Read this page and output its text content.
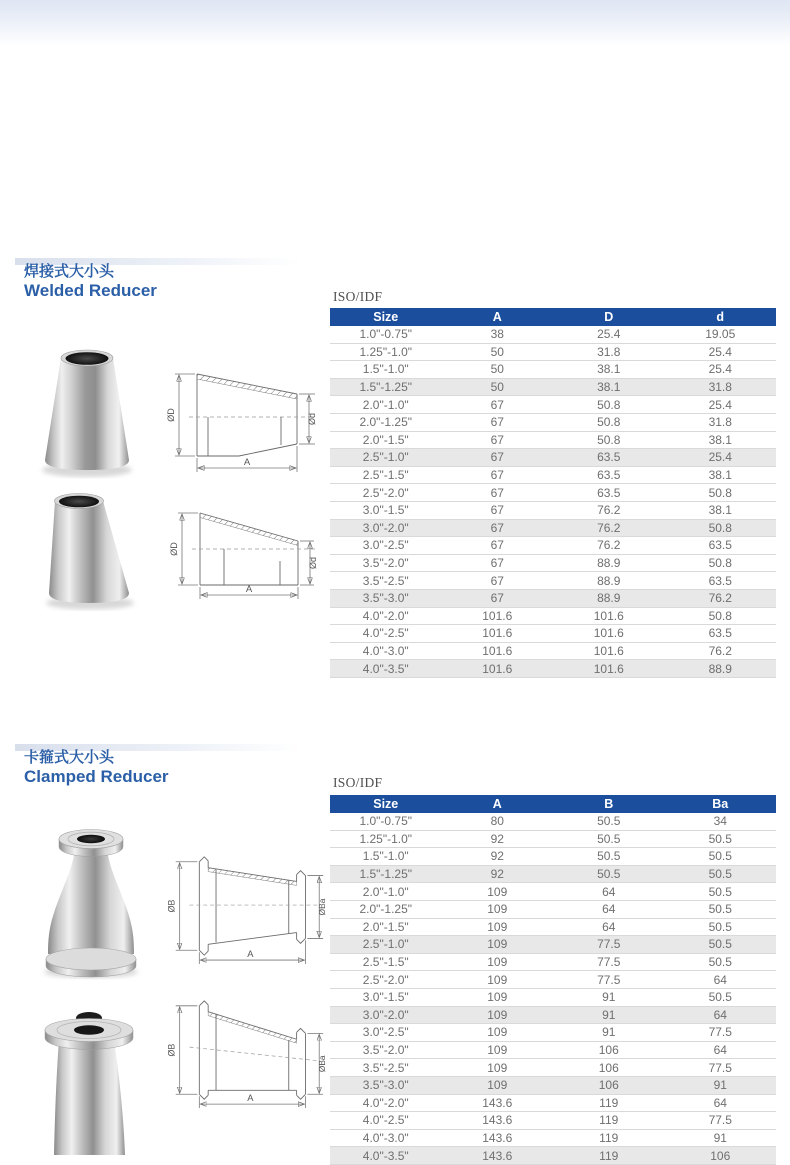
焊接式大小头
Welded Reducer	ISO/IDF
Size	A	D	d
1.0"-0.75"	38	25.4	19.05
1.25"-1.0"	50	31.8	25.4
1.5"-1.0"	50	38.1	25.4
1.5"-1.25"	50	38.1	31.8
2.0"-1.0"	67	50.8	25.4
2.0"-1.25"	67	50.8	31.8
2.0"-1.5"	67	50.8	38.1
2.5"-1.0"	67	63.5	25.4
2.5"-1.5"	67	63.5	38.1
2.5"-2.0"	67	63.5	50.8
3.0"-1.5"	67	76.2	38.1
3.0"-2.0"	67	76.2	50.8
3.0"-2.5"	67	76.2	63.5
3.5"-2.0"	67	88.9	50.8
3.5"-2.5"	67	88.9	63.5
3.5"-3.0"	67	88.9	76.2
4.0"-2.0"	101.6	101.6	50.8
4.0"-2.5"	101.6	101.6	63.5
4.0"-3.0"	101.6	101.6	76.2
4.0"-3.5"	101.6	101.6	88.9
ØD	Ød
A
ØD
Ød
A
卡箍式大小头
Clamped Reducer	ISO/IDF
Size	A	B	Ba
1.0"-0.75"	80	50.5	34
1.25"-1.0"	92	50.5	50.5
1.5"-1.0"	92	50.5	50.5
1.5"-1.25"	92	50.5	50.5
2.0"-1.0"	109	64	50.5
2.0"-1.25"	109	64	50.5
2.0"-1.5"	109	64	50.5
2.5"-1.0"	109	77.5	50.5
2.5"-1.5"	109	77.5	50.5
2.5"-2.0"	109	77.5	64
3.0"-1.5"	109	91	50.5
3.0"-2.0"	109	91	64
3.0"-2.5"	109	91	77.5
3.5"-2.0"	109	106	64
3.5"-2.5"	109	106	77.5
3.5"-3.0"	109	106	91
4.0"-2.0"	143.6	119	64
4.0"-2.5"	143.6	119	77.5
4.0"-3.0"	143.6	119	91
4.0"-3.5"	143.6	119	106
ØB	ØBa
A
ØB
ØBa
A
